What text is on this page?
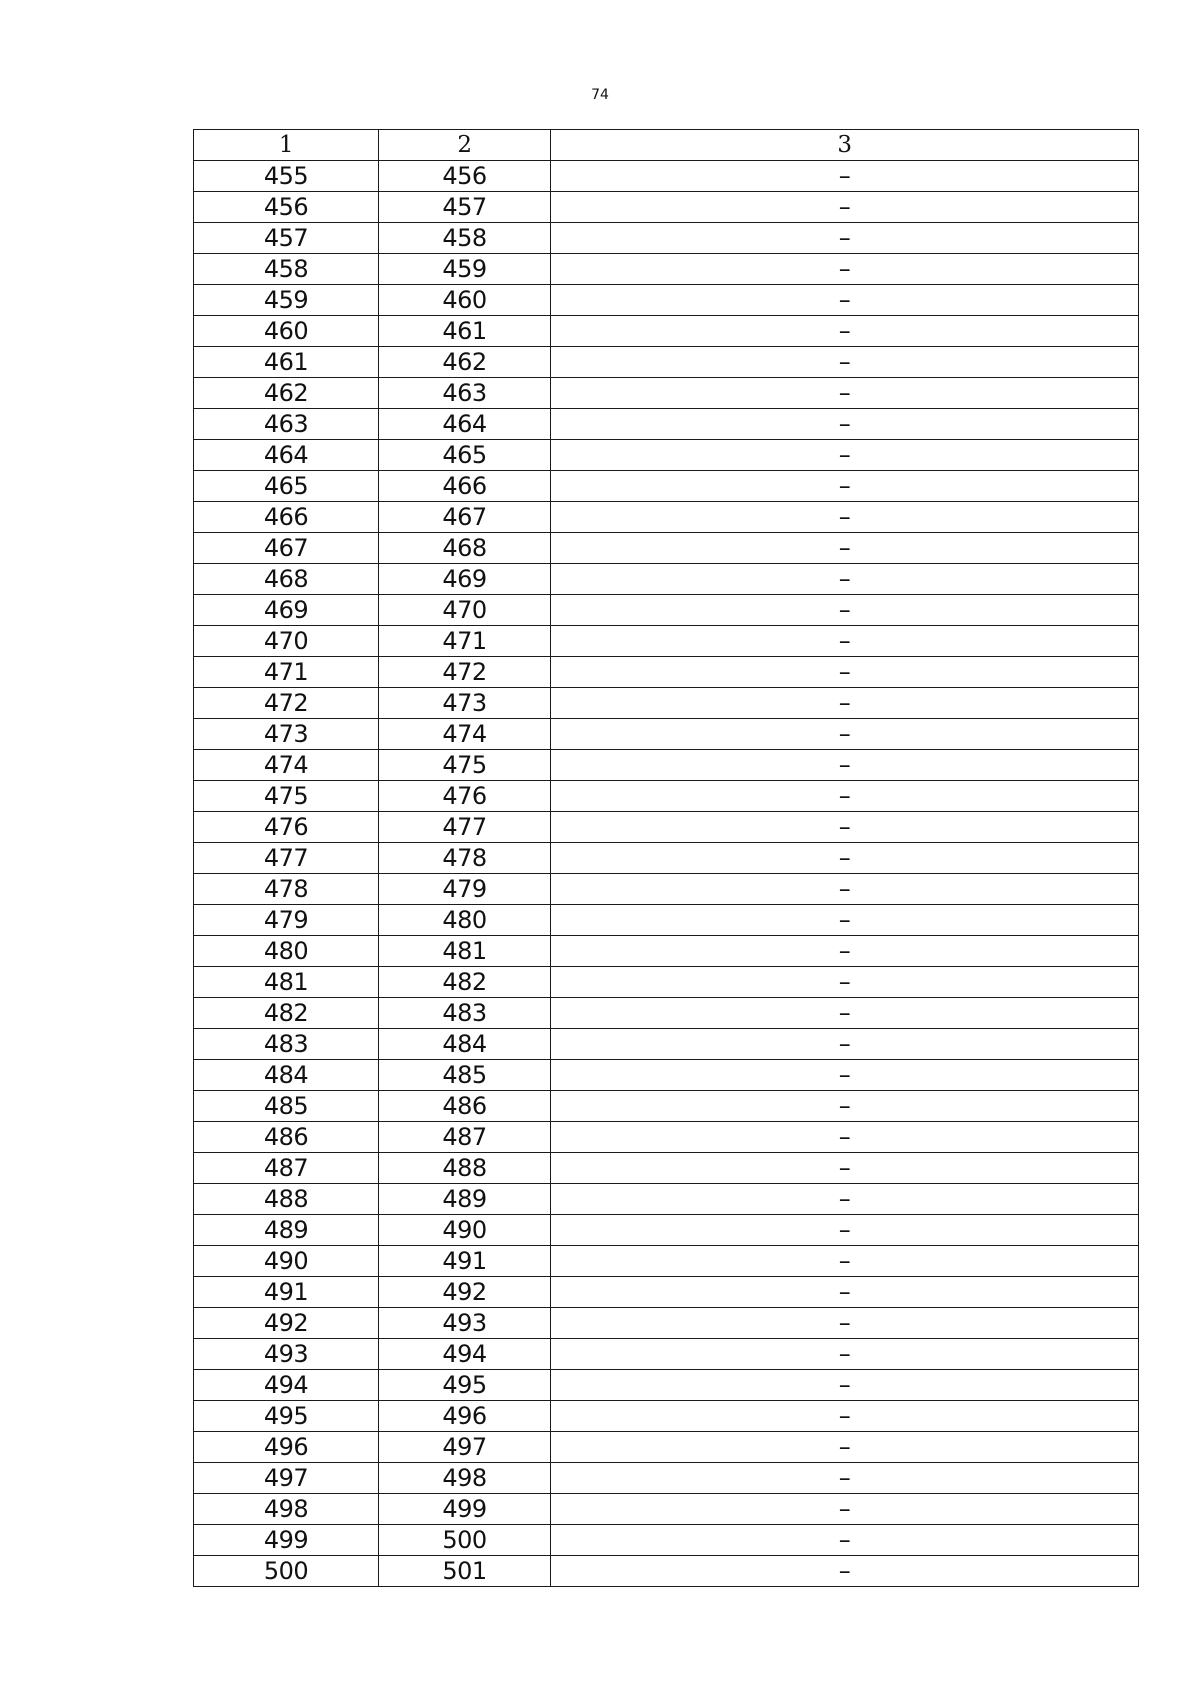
74
1	2	3
455	456	–
456	457	–
457	458	–
458	459	–
459	460	–
460	461	–
461	462	–
462	463	–
463	464	–
464	465	–
465	466	–
466	467	–
467	468	–
468	469	–
469	470	–
470	471	–
471	472	–
472	473	–
473	474	–
474	475	–
475	476	–
476	477	–
477	478	–
478	479	–
479	480	–
480	481	–
481	482	–
482	483	–
483	484	–
484	485	–
485	486	–
486	487	–
487	488	–
488	489	–
489	490	–
490	491	–
491	492	–
492	493	–
493	494	–
494	495	–
495	496	–
496	497	–
497	498	–
498	499	–
499	500	–
500	501	–
